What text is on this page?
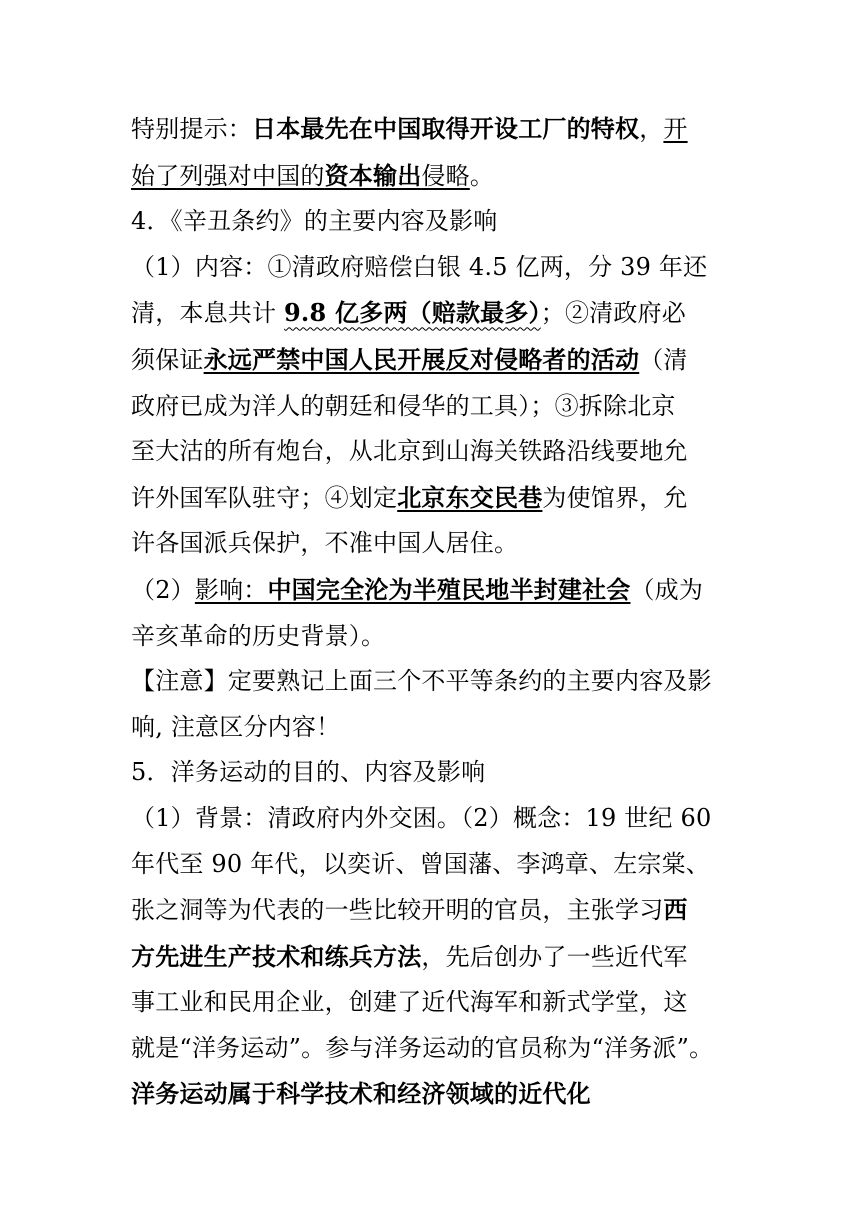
特别提示：日本最先在中国取得开设工厂的特权，开
始了列强对中国的资本输出侵略。
4．《辛丑条约》的主要内容及影响
（1）内容：①清政府赔偿白银 4.5 亿两，分 39 年还
清，本息共计 9.8 亿多两（赔款最多）；②清政府必
须保证永远严禁中国人民开展反对侵略者的活动（清
政府已成为洋人的朝廷和侵华的工具）；③拆除北京
至大沽的所有炮台，从北京到山海关铁路沿线要地允
许外国军队驻守；④划定北京东交民巷为使馆界，允
许各国派兵保护，不准中国人居住。
（2）影响：中国完全沦为半殖民地半封建社会（成为
辛亥革命的历史背景）。
【注意】定要熟记上面三个不平等条约的主要内容及影
响, 注意区分内容！
5．洋务运动的目的、内容及影响
（1）背景：清政府内外交困。（2）概念：19 世纪 60
年代至 90 年代，以奕䜣、曾国藩、李鸿章、左宗棠、
张之洞等为代表的一些比较开明的官员，主张学习西
方先进生产技术和练兵方法，先后创办了一些近代军
事工业和民用企业，创建了近代海军和新式学堂，这
就是“洋务运动”。参与洋务运动的官员称为“洋务派”。
洋务运动属于科学技术和经济领域的近代化
